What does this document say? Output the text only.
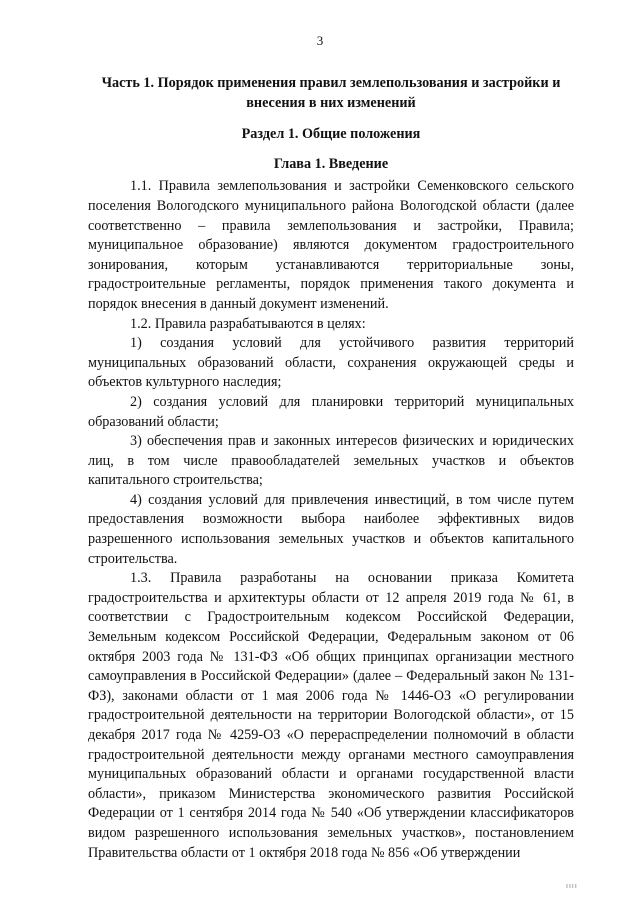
3

Часть 1. Порядок применения правил землепользования и застройки и внесения в них изменений

Раздел 1. Общие положения

Глава 1. Введение

1.1. Правила землепользования и застройки Семенковского сельского поселения Вологодского муниципального района Вологодской области (далее соответственно – правила землепользования и застройки, Правила; муниципальное образование) являются документом градостроительного зонирования, которым устанавливаются территориальные зоны, градостроительные регламенты, порядок применения такого документа и порядок внесения в данный документ изменений.

1.2. Правила разрабатываются в целях:

1) создания условий для устойчивого развития территорий муниципальных образований области, сохранения окружающей среды и объектов культурного наследия;

2) создания условий для планировки территорий муниципальных образований области;

3) обеспечения прав и законных интересов физических и юридических лиц, в том числе правообладателей земельных участков и объектов капитального строительства;

4) создания условий для привлечения инвестиций, в том числе путем предоставления возможности выбора наиболее эффективных видов разрешенного использования земельных участков и объектов капитального строительства.

1.3. Правила разработаны на основании приказа Комитета градостроительства и архитектуры области от 12 апреля 2019 года № 61, в соответствии с Градостроительным кодексом Российской Федерации, Земельным кодексом Российской Федерации, Федеральным законом от 06 октября 2003 года № 131-ФЗ «Об общих принципах организации местного самоуправления в Российской Федерации» (далее – Федеральный закон № 131-ФЗ), законами области от 1 мая 2006 года № 1446-ОЗ «О регулировании градостроительной деятельности на территории Вологодской области», от 15 декабря 2017 года № 4259-ОЗ «О перераспределении полномочий в области градостроительной деятельности между органами местного самоуправления муниципальных образований области и органами государственной власти области», приказом Министерства экономического развития Российской Федерации от 1 сентября 2014 года № 540 «Об утверждении классификаторов видом разрешенного использования земельных участков», постановлением Правительства области от 1 октября 2018 года № 856 «Об утверждении

ıııı
